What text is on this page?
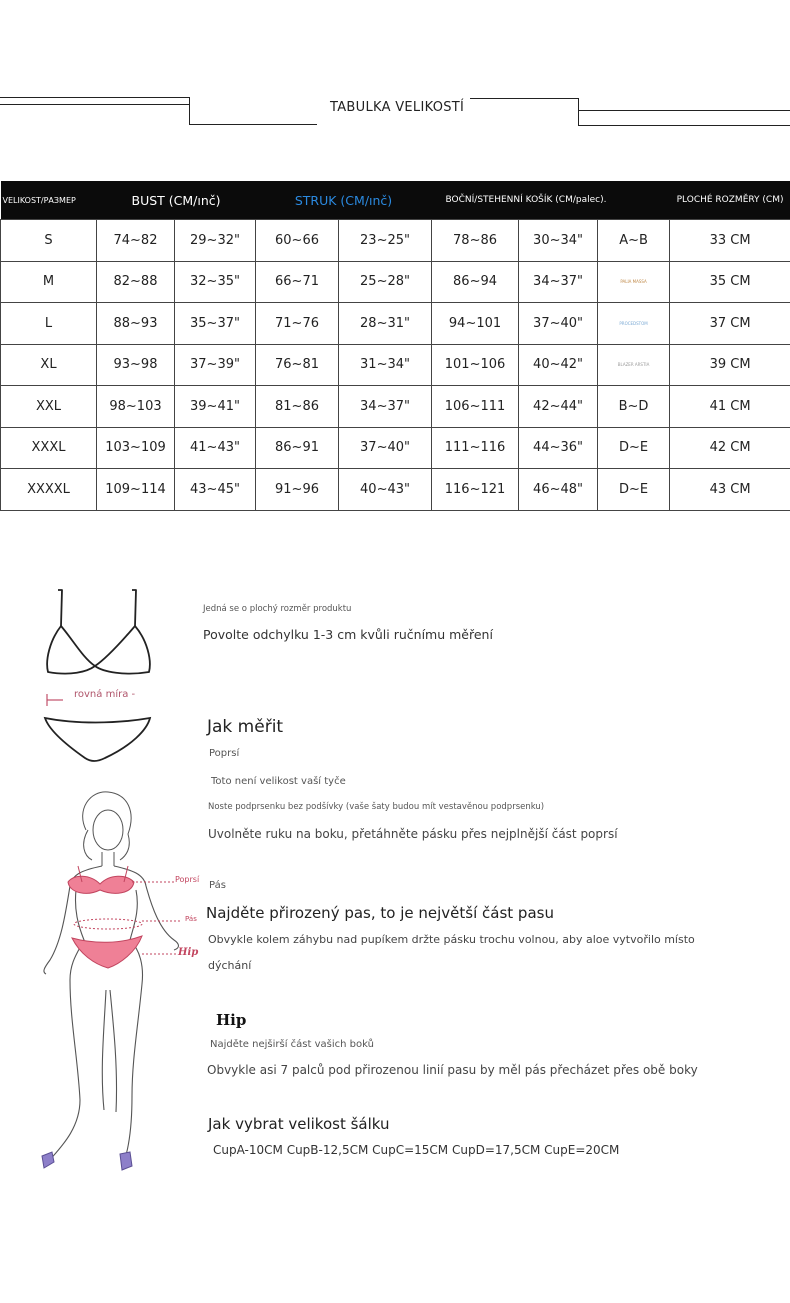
TABULKA VELIKOSTÍ
VELIKOST/РАЗМЕР	BUST (CM/ınč)		STRUK (CM/ınč)		BOČNÍ/STEHENNÍ KOŠÍK (CM/palec).			PLOCHÉ ROZMĚRY (CM)
S	74~82	29~32"	60~66	23~25"	78~86	30~34"	A~B	33 CM
M	82~88	32~35"	66~71	25~28"	86~94	34~37"	PALIA MASSA	35 CM
L	88~93	35~37"	71~76	28~31"	94~101	37~40"	PROCEDSTOM	37 CM
XL	93~98	37~39"	76~81	31~34"	101~106	40~42"	BLAZER ARSTIA	39 CM
XXL	98~103	39~41"	81~86	34~37"	106~111	42~44"	B~D	41 CM
XXXL	103~109	41~43"	86~91	37~40"	111~116	44~36"	D~E	42 CM
XXXXL	109~114	43~45"	91~96	40~43"	116~121	46~48"	D~E	43 CM
rovná míra -
Jedná se o plochý rozměr produktu
Povolte odchylku 1-3 cm kvůli ručnímu měření
Jak měřit
Poprsí
Toto není velikost vaší tyče
Noste podprsenku bez podšívky (vaše šaty budou mít vestavěnou podprsenku)
Uvolněte ruku na boku, přetáhněte pásku přes nejplnější část poprsí
Pás
Najděte přirozený pas, to je největší část pasu
Obvykle kolem záhybu nad pupíkem držte pásku trochu volnou, aby aloe vytvořilo místo
dýchání
Hip
Najděte nejširší část vašich boků
Obvykle asi 7 palců pod přirozenou linií pasu by měl pás přecházet přes obě boky
Jak vybrat velikost šálku
CupA-10CM CupB-12,5CM CupC=15CM CupD=17,5CM CupE=20CM
Poprsí
Pás
Hip
